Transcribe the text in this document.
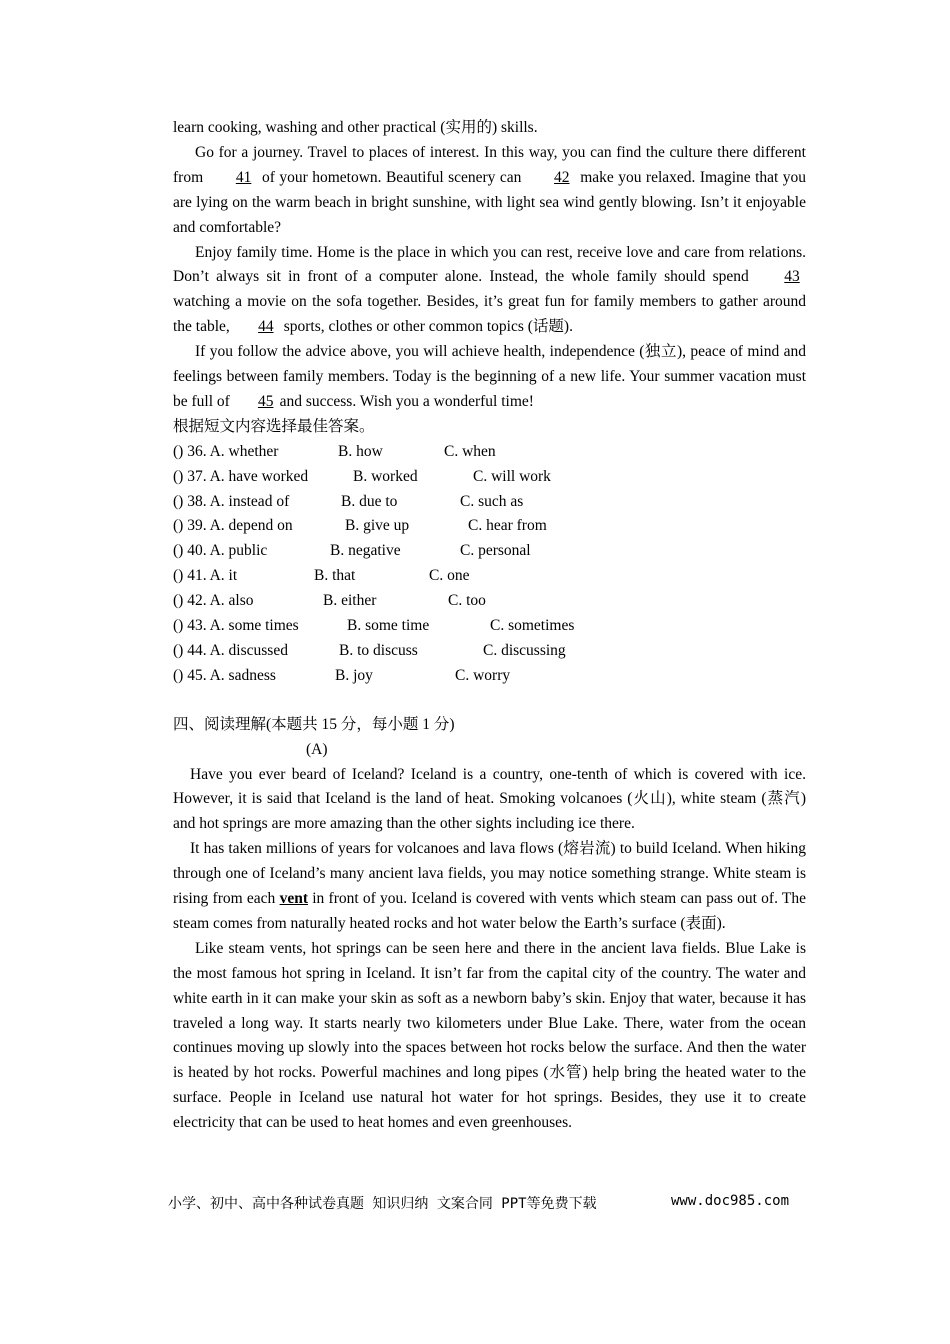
learn cooking, washing and other practical (实用的) skills.

Go for a journey. Travel to places of interest. In this way, you can find the culture there different from 41 of your hometown. Beautiful scenery can 42 make you relaxed. Imagine that you are lying on the warm beach in bright sunshine, with light sea wind gently blowing. Isn’t it enjoyable and comfortable?

Enjoy family time. Home is the place in which you can rest, receive love and care from relations. Don’t always sit in front of a computer alone. Instead, the whole family should spend 43 watching a movie on the sofa together. Besides, it’s great fun for family members to gather around the table, 44 sports, clothes or other common topics (话题).

If you follow the advice above, you will achieve health, independence (独立), peace of mind and feelings between family members. Today is the beginning of a new life. Your summer vacation must be full of 45 and success. Wish you a wonderful time!

根据短文内容选择最佳答案。
() 36. A. whether	B. how	C. when
() 37. A. have worked	B. worked	C. will work
() 38. A. instead of	B. due to	C. such as
() 39. A. depend on	B. give up	C. hear from
() 40. A. public	B. negative	C. personal
() 41. A. it	B. that	C. one
() 42. A. also	B. either	C. too
() 43. A. some times	B. some time	C. sometimes
() 44. A. discussed	B. to discuss	C. discussing
() 45. A. sadness	B. joy	C. worry
四、阅读理解(本题共 15 分，每小题 1 分)
(A)

Have you ever beard of Iceland? Iceland is a country, one-tenth of which is covered with ice. However, it is said that Iceland is the land of heat. Smoking volcanoes (火山), white steam (蒸汽) and hot springs are more amazing than the other sights including ice there.

It has taken millions of years for volcanoes and lava flows (熔岩流) to build Iceland. When hiking through one of Iceland’s many ancient lava fields, you may notice something strange. White steam is rising from each vent in front of you. Iceland is covered with vents which steam can pass out of. The steam comes from naturally heated rocks and hot water below the Earth’s surface (表面).

Like steam vents, hot springs can be seen here and there in the ancient lava fields. Blue Lake is the most famous hot spring in Iceland. It isn’t far from the capital city of the country. The water and white earth in it can make your skin as soft as a newborn baby’s skin. Enjoy that water, because it has traveled a long way. It starts nearly two kilometers under Blue Lake. There, water from the ocean continues moving up slowly into the spaces between hot rocks below the surface. And then the water is heated by hot rocks. Powerful machines and long pipes (水管) help bring the heated water to the surface. People in Iceland use natural hot water for hot springs. Besides, they use it to create electricity that can be used to heat homes and even greenhouses.

小学、初中、高中各种试卷真题 知识归纳 文案合同 PPT等免费下载	www.doc985.com
